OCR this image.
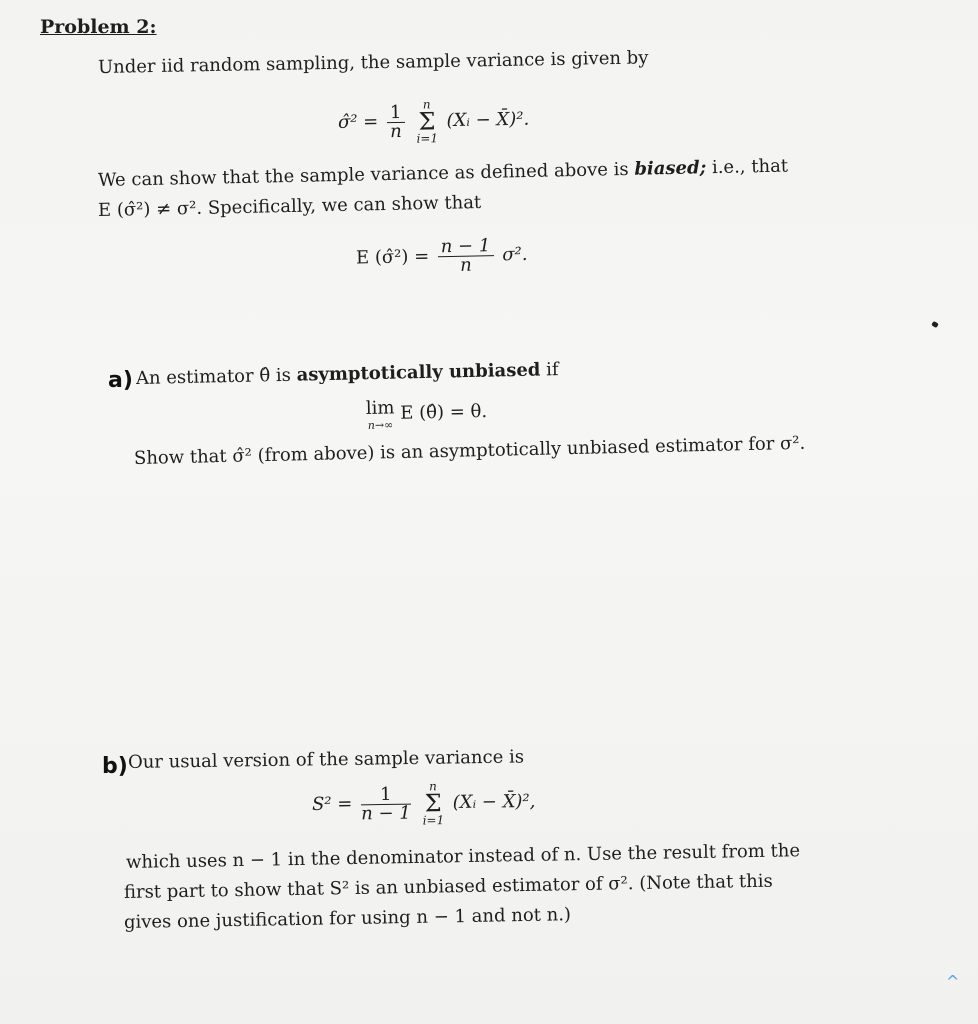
Problem 2:
Under iid random sampling, the sample variance is given by
σ̂² = $\frac{1}{n}$
	n
Σ
i=1
(Xᵢ − X̄)².
We can show that the sample variance as defined above is biased; i.e., that
E (σ̂²) ≠ σ². Specifically, we can show that
E (σ̂²) = $\frac{n - 1}{n} \sigma^2$.
a) An estimator θ̂ is asymptotically unbiased if
lim
n→∞
E (θ̂) = θ.
Show that σ̂² (from above) is an asymptotically unbiased estimator for σ².
b) Our usual version of the sample variance is
$S^2 = \frac{1}{n - 1}$
	n
Σ
i=1
(Xᵢ − X̄)²,
which uses n − 1 in the denominator instead of n. Use the result from the
first part to show that S² is an unbiased estimator of σ². (Note that this
gives one justification for using n − 1 and not n.)
^
